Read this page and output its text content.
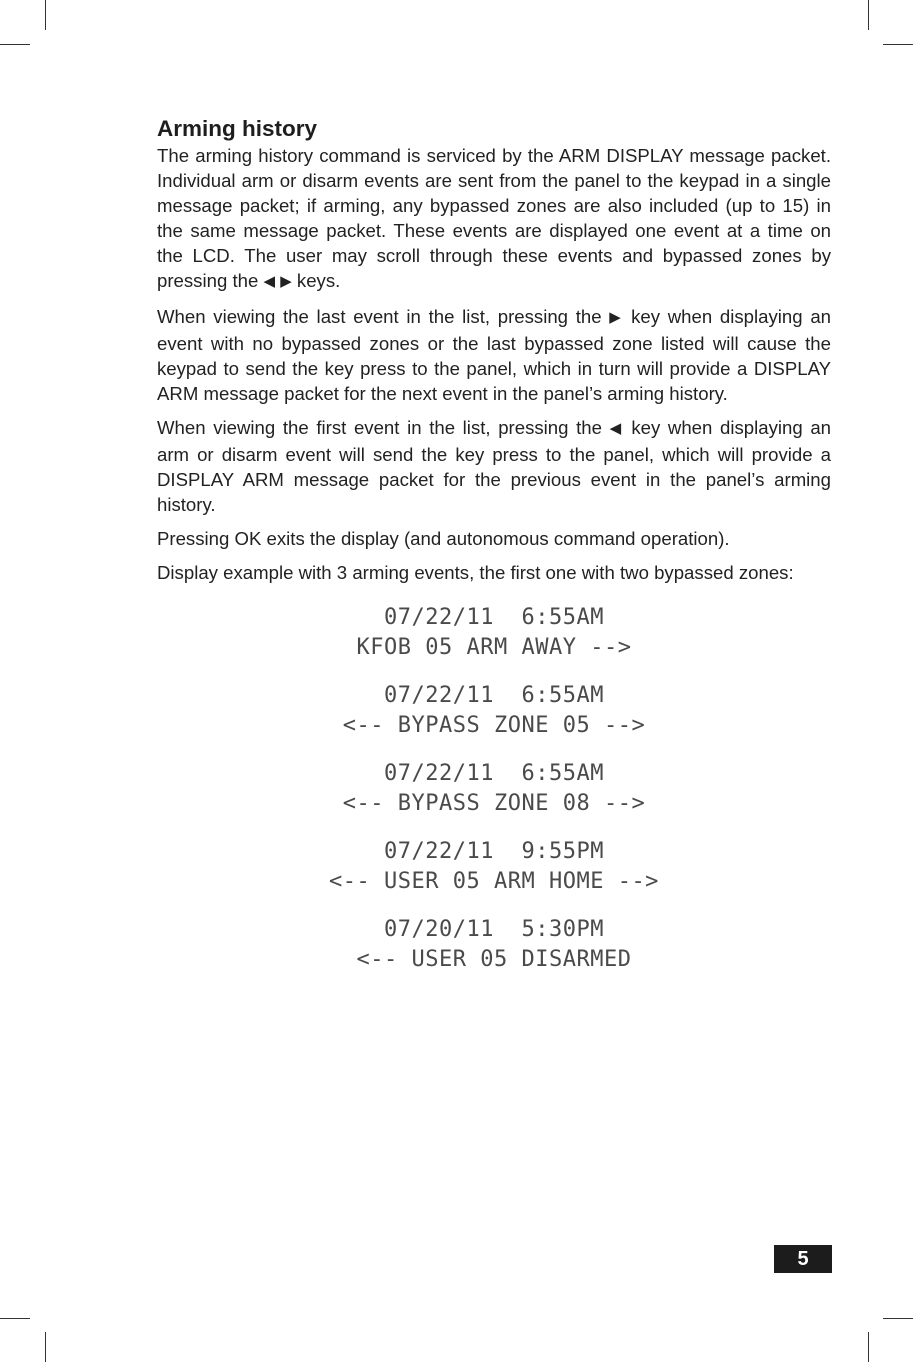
Arming history

The arming history command is serviced by the ARM DISPLAY message packet. Individual arm or disarm events are sent from the panel to the keypad in a single message packet; if arming, any bypassed zones are also included (up to 15) in the same message packet. These events are displayed one event at a time on the LCD. The user may scroll through these events and bypassed zones by pressing the ◀ ▶ keys.

When viewing the last event in the list, pressing the ▶ key when displaying an event with no bypassed zones or the last bypassed zone listed will cause the keypad to send the key press to the panel, which in turn will provide a DISPLAY ARM message packet for the next event in the panel’s arming history.

When viewing the first event in the list, pressing the ◀ key when displaying an arm or disarm event will send the key press to the panel, which will provide a DISPLAY ARM message packet for the previous event in the panel’s arming history.

Pressing OK exits the display (and autonomous command operation).

Display example with 3 arming events, the first one with two bypassed zones:

07/22/11  6:55AM
KFOB 05 ARM AWAY -->
07/22/11  6:55AM
<-- BYPASS ZONE 05 -->
07/22/11  6:55AM
<-- BYPASS ZONE 08 -->
07/22/11  9:55PM
<-- USER 05 ARM HOME -->
07/20/11  5:30PM
<-- USER 05 DISARMED
5
